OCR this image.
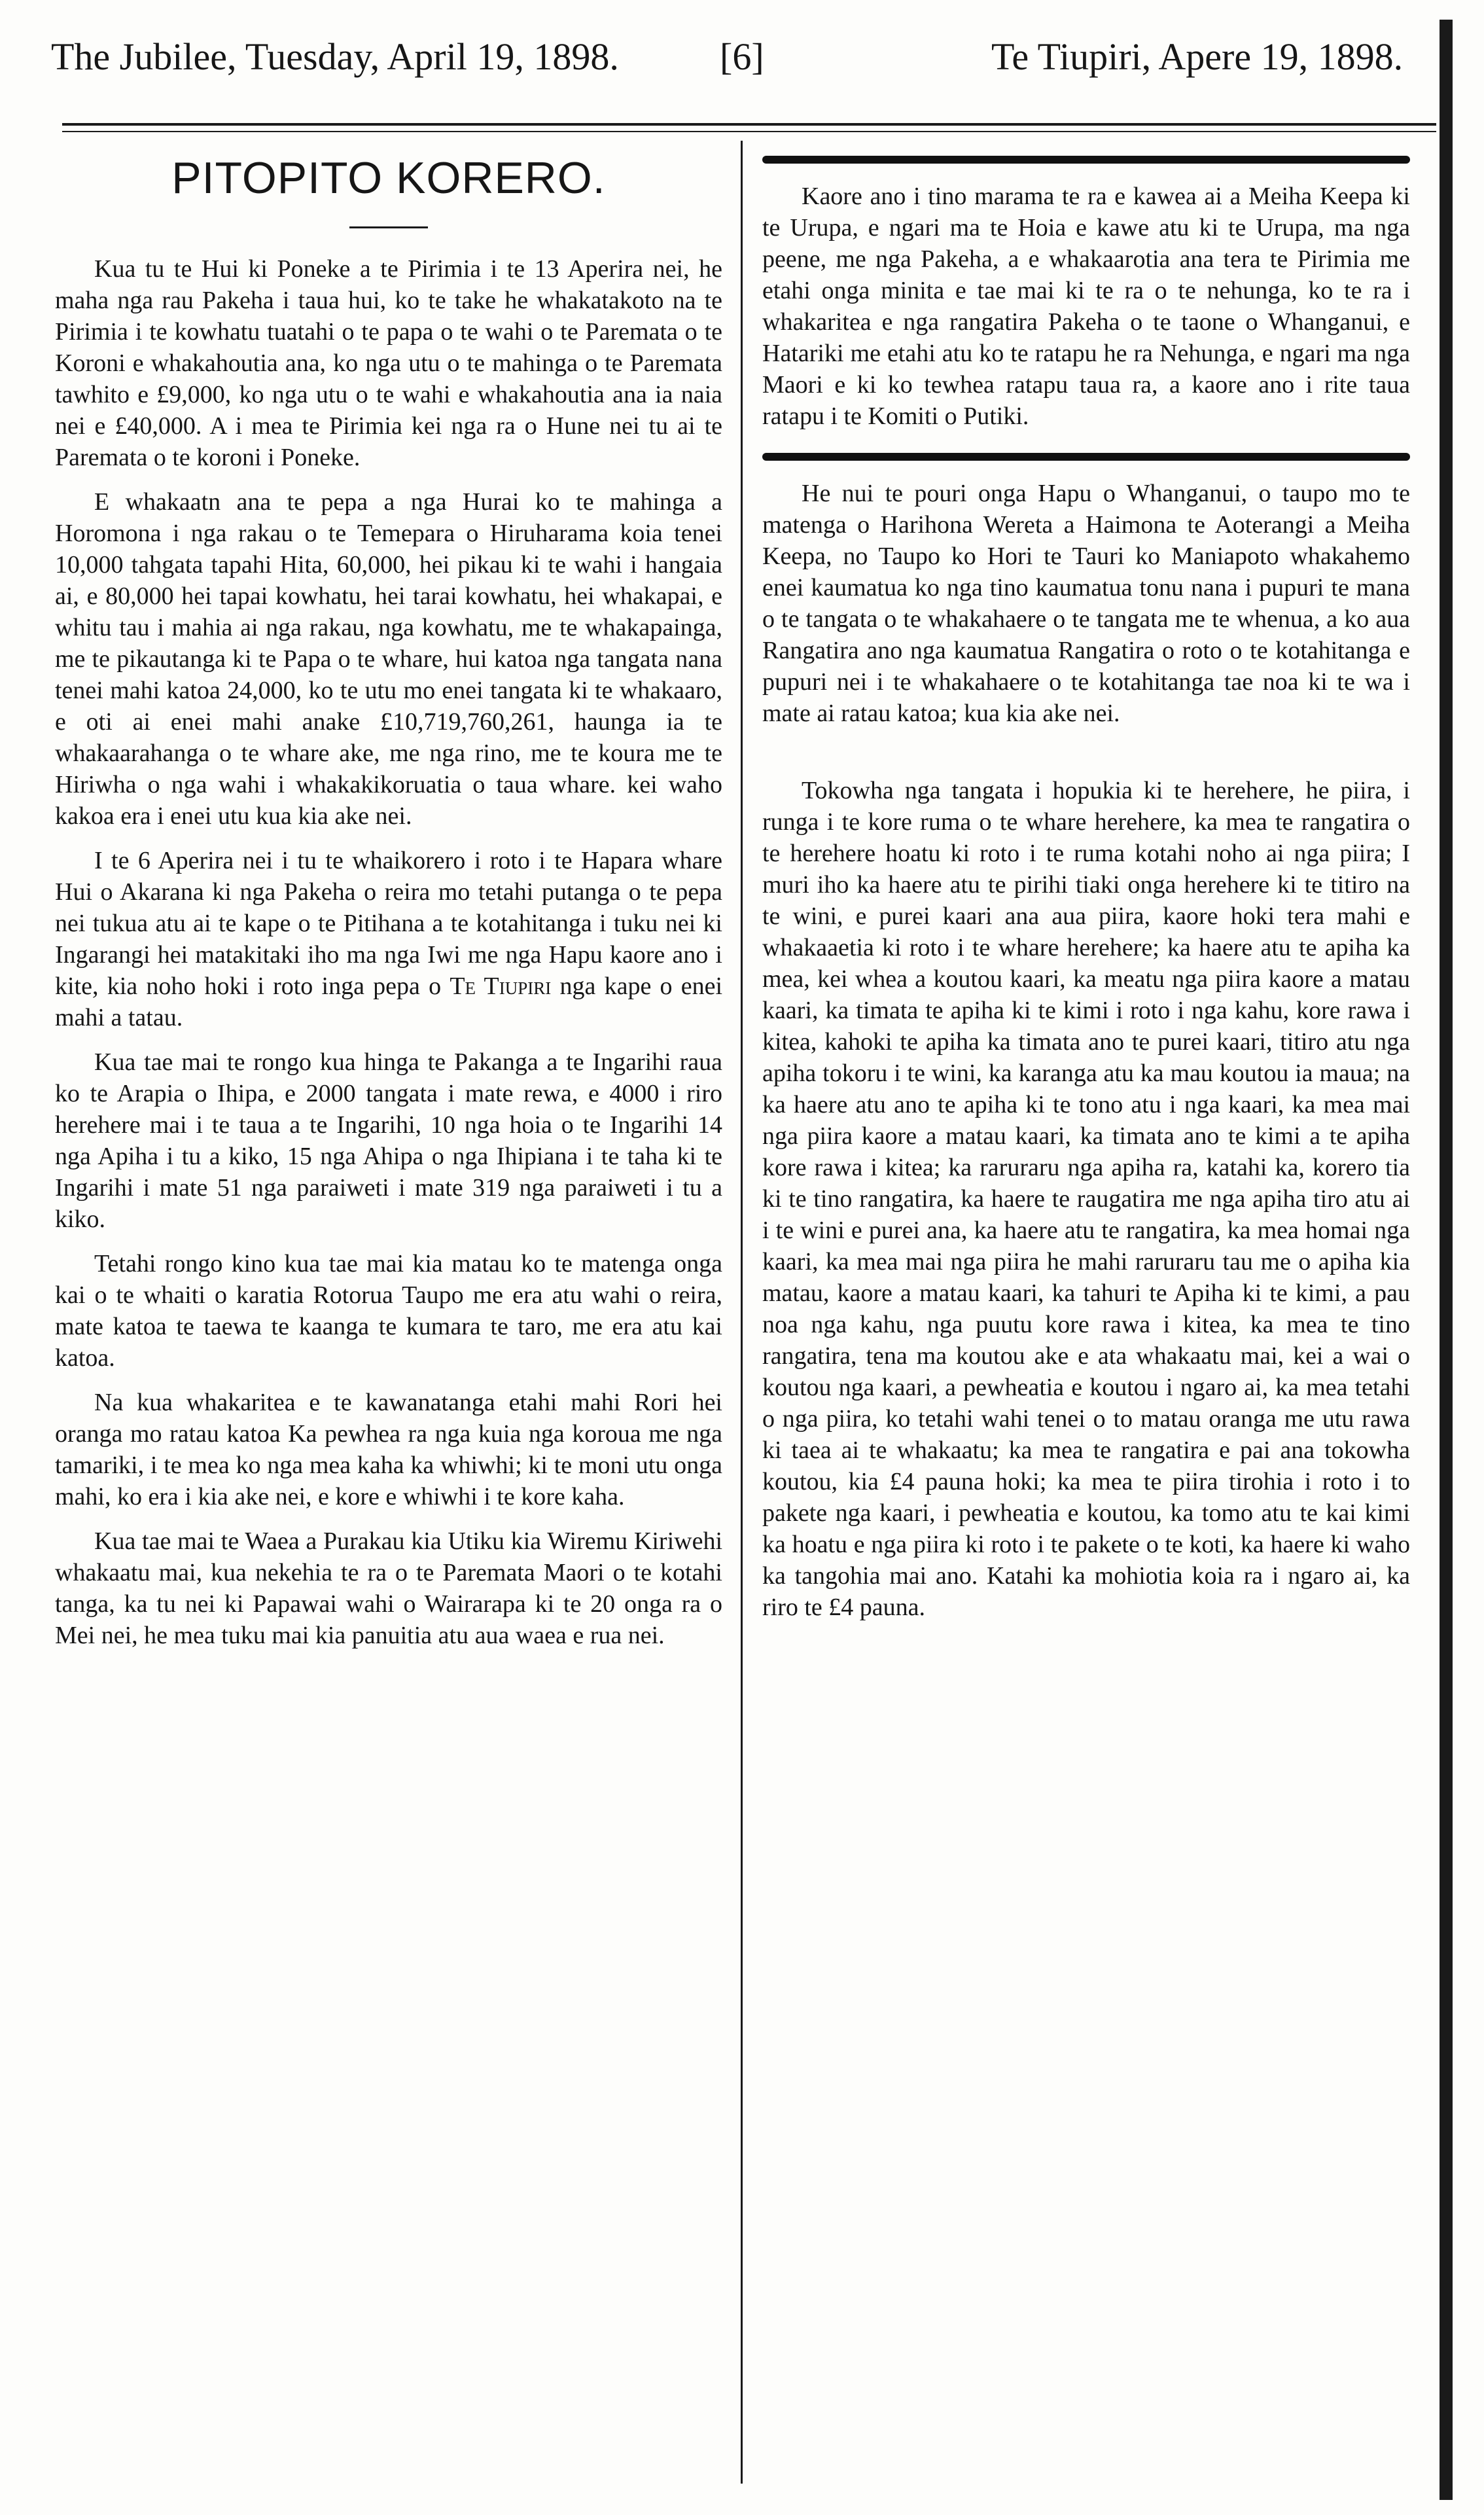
The Jubilee, Tuesday, April 19, 1898.	[6]	Te Tiupiri, Apere 19, 1898.
PITOPITO KORERO.

Kua tu te Hui ki Poneke a te Pirimia i te 13 Aperira nei, he maha nga rau Pakeha i taua hui, ko te take he whakatakoto na te Pirimia i te kowhatu tuatahi o te papa o te wahi o te Paremata o te Koroni e whakahoutia ana, ko nga utu o te mahinga o te Paremata tawhito e £9,000, ko nga utu o te wahi e whakahoutia ana ia naia nei e £40,000. A i mea te Pirimia kei nga ra o Hune nei tu ai te Paremata o te koroni i Poneke.

E whakaatn ana te pepa a nga Hurai ko te mahinga a Horomona i nga rakau o te Temepara o Hiruharama koia tenei 10,000 tahgata tapahi Hita, 60,000, hei pikau ki te wahi i hangaia ai, e 80,000 hei tapai kowhatu, hei tarai kowhatu, hei whakapai, e whitu tau i mahia ai nga rakau, nga kowhatu, me te whakapainga, me te pikautanga ki te Papa o te whare, hui katoa nga tangata nana tenei mahi katoa 24,000, ko te utu mo enei tangata ki te whakaaro, e oti ai enei mahi anake £10,719,760,261, haunga ia te whakaarahanga o te whare ake, me nga rino, me te koura me te Hiriwha o nga wahi i whakakikoruatia o taua whare. kei waho kakoa era i enei utu kua kia ake nei.

I te 6 Aperira nei i tu te whaikorero i roto i te Hapara whare Hui o Akarana ki nga Pakeha o reira mo tetahi putanga o te pepa nei tukua atu ai te kape o te Pitihana a te kotahitanga i tuku nei ki Ingarangi hei matakitaki iho ma nga Iwi me nga Hapu kaore ano i kite, kia noho hoki i roto inga pepa o Te Tiupiri nga kape o enei mahi a tatau.

Kua tae mai te rongo kua hinga te Pakanga a te Ingarihi raua ko te Arapia o Ihipa, e 2000 tangata i mate rewa, e 4000 i riro herehere mai i te taua a te Ingarihi, 10 nga hoia o te Ingarihi 14 nga Apiha i tu a kiko, 15 nga Ahipa o nga Ihipiana i te taha ki te Ingarihi i mate 51 nga paraiweti i mate 319 nga paraiweti i tu a kiko.

Tetahi rongo kino kua tae mai kia matau ko te matenga onga kai o te whaiti o karatia Rotorua Taupo me era atu wahi o reira, mate katoa te taewa te kaanga te kumara te taro, me era atu kai katoa.

Na kua whakaritea e te kawanatanga etahi mahi Rori hei oranga mo ratau katoa Ka pewhea ra nga kuia nga koroua me nga tamariki, i te mea ko nga mea kaha ka whiwhi; ki te moni utu onga mahi, ko era i kia ake nei, e kore e whiwhi i te kore kaha.

Kua tae mai te Waea a Purakau kia Utiku kia Wiremu Kiriwehi whakaatu mai, kua nekehia te ra o te Paremata Maori o te kotahi tanga, ka tu nei ki Papawai wahi o Wairarapa ki te 20 onga ra o Mei nei, he mea tuku mai kia panuitia atu aua waea e rua nei.

Kaore ano i tino marama te ra e kawea ai a Meiha Keepa ki te Urupa, e ngari ma te Hoia e kawe atu ki te Urupa, ma nga peene, me nga Pakeha, a e whakaarotia ana tera te Pirimia me etahi onga minita e tae mai ki te ra o te nehunga, ko te ra i whakaritea e nga rangatira Pakeha o te taone o Whanganui, e Hatariki me etahi atu ko te ratapu he ra Nehunga, e ngari ma nga Maori e ki ko tewhea ratapu taua ra, a kaore ano i rite taua ratapu i te Komiti o Putiki.

He nui te pouri onga Hapu o Whanganui, o taupo mo te matenga o Harihona Wereta a Haimona te Aoterangi a Meiha Keepa, no Taupo ko Hori te Tauri ko Maniapoto whakahemo enei kaumatua ko nga tino kaumatua tonu nana i pupuri te mana o te tangata o te whakahaere o te tangata me te whenua, a ko aua Rangatira ano nga kaumatua Rangatira o roto o te kotahitanga e pupuri nei i te whakahaere o te kotahitanga tae noa ki te wa i mate ai ratau katoa; kua kia ake nei.

Tokowha nga tangata i hopukia ki te herehere, he piira, i runga i te kore ruma o te whare herehere, ka mea te rangatira o te herehere hoatu ki roto i te ruma kotahi noho ai nga piira; I muri iho ka haere atu te pirihi tiaki onga herehere ki te titiro na te wini, e purei kaari ana aua piira, kaore hoki tera mahi e whakaaetia ki roto i te whare herehere; ka haere atu te apiha ka mea, kei whea a koutou kaari, ka meatu nga piira kaore a matau kaari, ka timata te apiha ki te kimi i roto i nga kahu, kore rawa i kitea, kahoki te apiha ka timata ano te purei kaari, titiro atu nga apiha tokoru i te wini, ka karanga atu ka mau koutou ia maua; na ka haere atu ano te apiha ki te tono atu i nga kaari, ka mea mai nga piira kaore a matau kaari, ka timata ano te kimi a te apiha kore rawa i kitea; ka raruraru nga apiha ra, katahi ka, korero tia ki te tino rangatira, ka haere te raugatira me nga apiha tiro atu ai i te wini e purei ana, ka haere atu te rangatira, ka mea homai nga kaari, ka mea mai nga piira he mahi raruraru tau me o apiha kia matau, kaore a matau kaari, ka tahuri te Apiha ki te kimi, a pau noa nga kahu, nga puutu kore rawa i kitea, ka mea te tino rangatira, tena ma koutou ake e ata whakaatu mai, kei a wai o koutou nga kaari, a pewheatia e koutou i ngaro ai, ka mea tetahi o nga piira, ko tetahi wahi tenei o to matau oranga me utu rawa ki taea ai te whakaatu; ka mea te rangatira e pai ana tokowha koutou, kia £4 pauna hoki; ka mea te piira tirohia i roto i to pakete nga kaari, i pewheatia e koutou, ka tomo atu te kai kimi ka hoatu e nga piira ki roto i te pakete o te koti, ka haere ki waho ka tangohia mai ano. Katahi ka mohiotia koia ra i ngaro ai, ka riro te £4 pauna.
